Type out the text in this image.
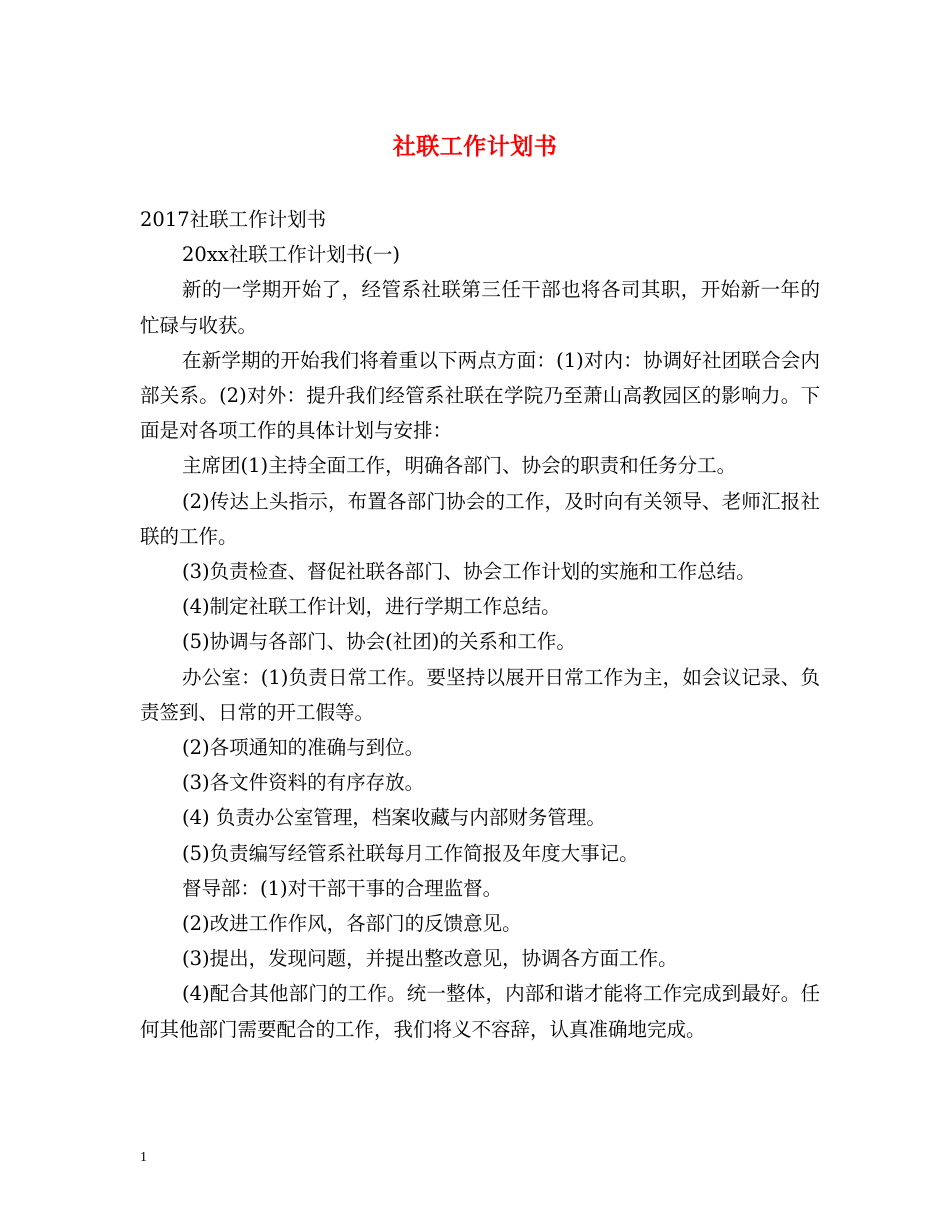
社联工作计划书

2017社联工作计划书

20xx社联工作计划书(一)

新的一学期开始了，经管系社联第三任干部也将各司其职，开始新一年的忙碌与收获。

在新学期的开始我们将着重以下两点方面：(1)对内：协调好社团联合会内部关系。(2)对外：提升我们经管系社联在学院乃至萧山高教园区的影响力。下面是对各项工作的具体计划与安排：

主席团(1)主持全面工作，明确各部门、协会的职责和任务分工。

(2)传达上头指示，布置各部门协会的工作，及时向有关领导、老师汇报社联的工作。

(3)负责检查、督促社联各部门、协会工作计划的实施和工作总结。

(4)制定社联工作计划，进行学期工作总结。

(5)协调与各部门、协会(社团)的关系和工作。

办公室：(1)负责日常工作。要坚持以展开日常工作为主，如会议记录、负责签到、日常的开工假等。

(2)各项通知的准确与到位。

(3)各文件资料的有序存放。

(4) 负责办公室管理，档案收藏与内部财务管理。

(5)负责编写经管系社联每月工作简报及年度大事记。

督导部：(1)对干部干事的合理监督。

(2)改进工作作风，各部门的反馈意见。

(3)提出，发现问题，并提出整改意见，协调各方面工作。

(4)配合其他部门的工作。统一整体，内部和谐才能将工作完成到最好。任何其他部门需要配合的工作，我们将义不容辞，认真准确地完成。

1
